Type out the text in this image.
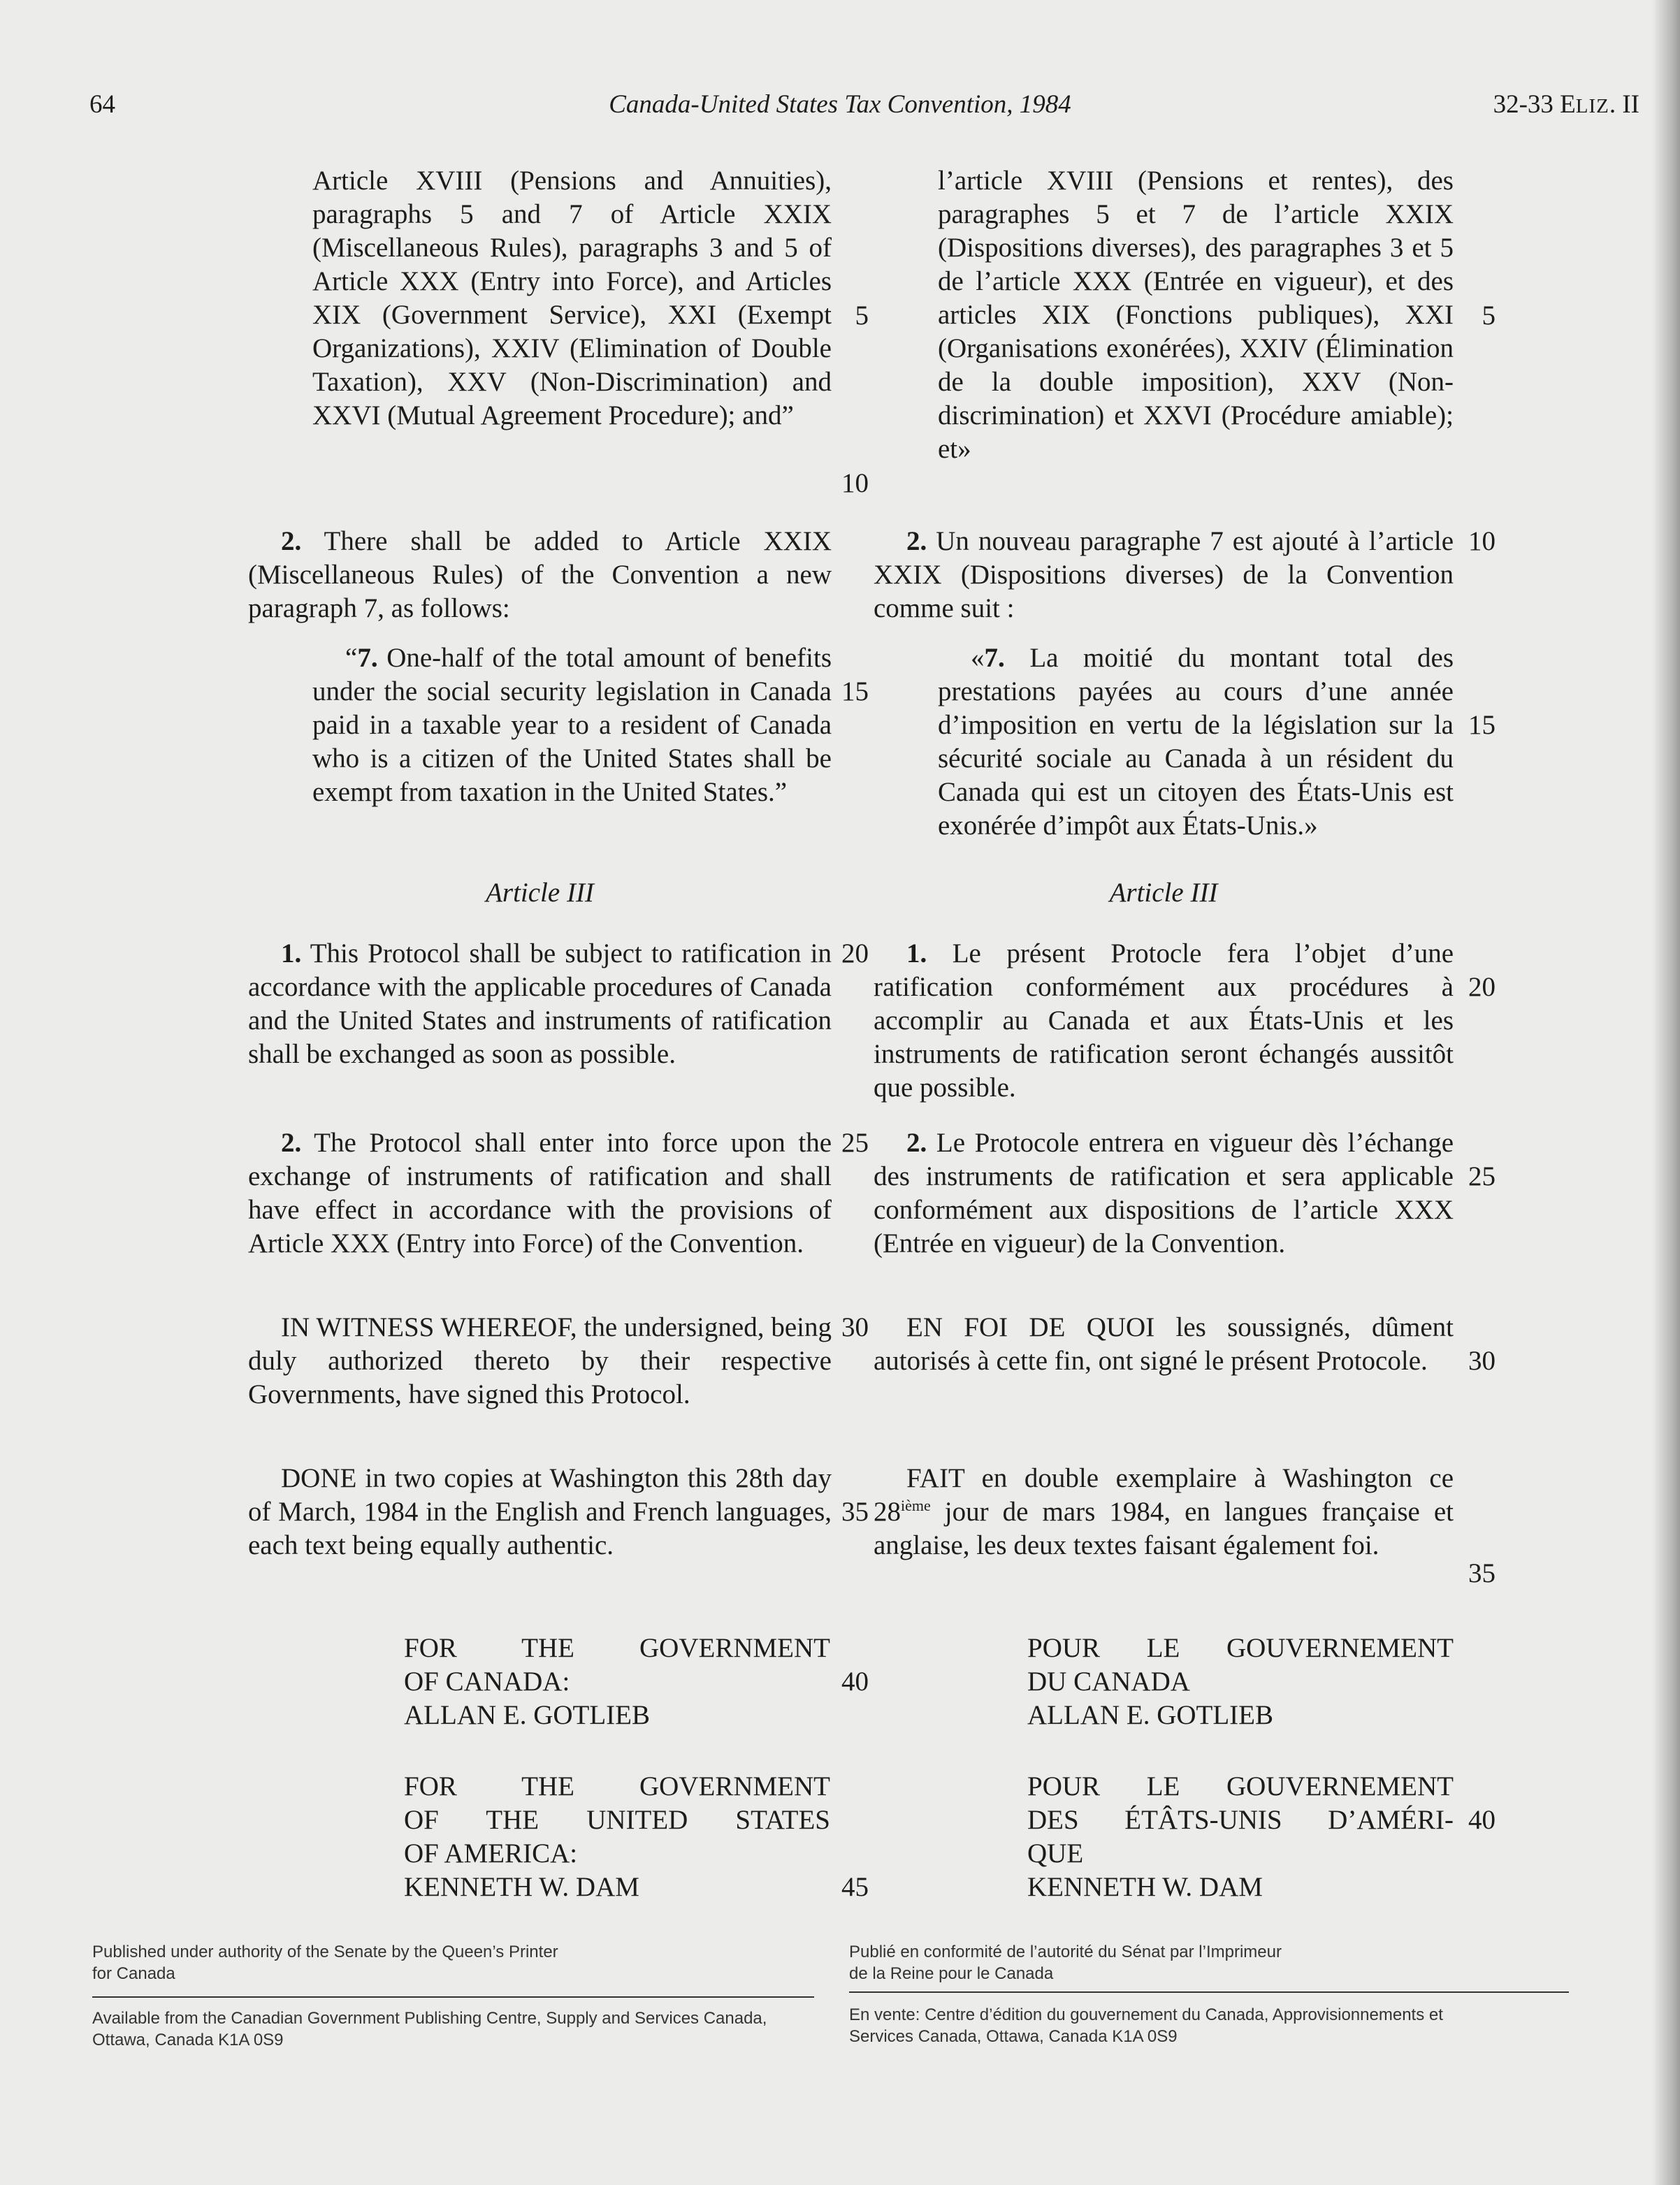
64	Canada-United States Tax Convention, 1984	32-33 ELIZ. II
Article XVIII (Pensions and Annuities), paragraphs 5 and 7 of Article XXIX (Miscellaneous Rules), paragraphs 3 and 5 of Article XXX (Entry into Force), and Articles XIX (Government Service), XXI (Exempt Organizations), XXIV (Elimination of Double Taxation), XXV (Non-Discrimination) and XXVI (Mutual Agreement Procedure); and”
2. There shall be added to Article XXIX (Miscellaneous Rules) of the Convention a new paragraph 7, as follows:
“7. One-half of the total amount of benefits under the social security legislation in Canada paid in a taxable year to a resident of Canada who is a citizen of the United States shall be exempt from taxation in the United States.”
Article III
1. This Protocol shall be subject to ratification in accordance with the applicable procedures of Canada and the United States and instruments of ratification shall be exchanged as soon as possible.
2. The Protocol shall enter into force upon the exchange of instruments of ratification and shall have effect in accordance with the provisions of Article XXX (Entry into Force) of the Convention.
IN WITNESS WHEREOF, the undersigned, being duly authorized thereto by their respective Governments, have signed this Protocol.
DONE in two copies at Washington this 28th day of March, 1984 in the English and French languages, each text being equally authentic.
FOR THE GOVERNMENT
OF CANADA:
ALLAN E. GOTLIEB
FOR THE GOVERNMENT
OF THE UNITED STATES
OF AMERICA:
KENNETH W. DAM
5
10
15
20
25
30
35
40
45
l’article XVIII (Pensions et rentes), des paragraphes 5 et 7 de l’article XXIX (Dispositions diverses), des paragraphes 3 et 5 de l’article XXX (Entrée en vigueur), et des articles XIX (Fonctions publiques), XXI (Organisations exonérées), XXIV (Élimination de la double imposition), XXV (Non-discrimination) et XXVI (Procédure amiable); et»
2. Un nouveau paragraphe 7 est ajouté à l’article XXIX (Dispositions diverses) de la Convention comme suit :
«7. La moitié du montant total des prestations payées au cours d’une année d’imposition en vertu de la législation sur la sécurité sociale au Canada à un résident du Canada qui est un citoyen des États-Unis est exonérée d’impôt aux États-Unis.»
Article III
1. Le présent Protocle fera l’objet d’une ratification conformément aux procédures à accomplir au Canada et aux États-Unis et les instruments de ratification seront échangés aussitôt que possible.
2. Le Protocole entrera en vigueur dès l’échange des instruments de ratification et sera applicable conformément aux dispositions de l’article XXX (Entrée en vigueur) de la Convention.
EN FOI DE QUOI les soussignés, dûment autorisés à cette fin, ont signé le présent Protocole.
FAIT en double exemplaire à Washington ce 28ième jour de mars 1984, en langues française et anglaise, les deux textes faisant également foi.
POUR LE GOUVERNEMENT
DU CANADA
ALLAN E. GOTLIEB
POUR LE GOUVERNEMENT
DES ÉTÂTS-UNIS D’AMÉRI-
QUE
KENNETH W. DAM
5
10
15
20
25
30
35
40
Published under authority of the Senate by the Queen’s Printer for Canada
Publié en conformité de l’autorité du Sénat par l’Imprimeur de la Reine pour le Canada
Available from the Canadian Government Publishing Centre, Supply and Services Canada, Ottawa, Canada K1A 0S9
En vente: Centre d’édition du gouvernement du Canada, Approvisionnements et Services Canada, Ottawa, Canada K1A 0S9
